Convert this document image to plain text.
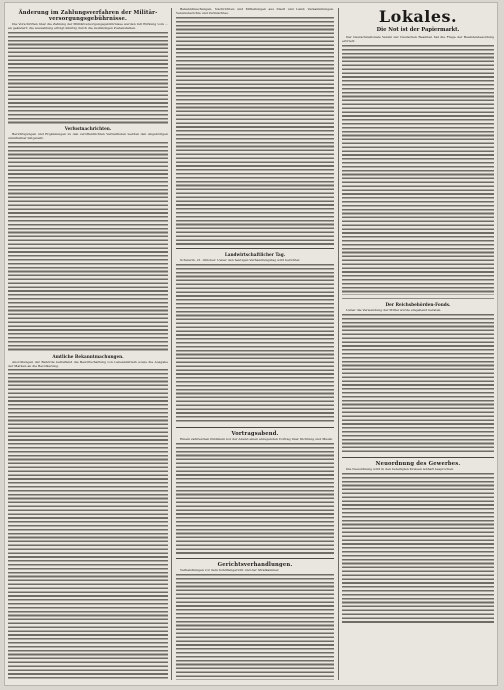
Änderung im Zahlungsverfahren der Militär-versorgungsgebührnisse.

Die Vorschriften über die Zahlung der Militärversorgungsgebührnisse werden mit Wirkung vom ... an geändert; die Auszahlung erfolgt künftig durch die zuständigen Postanstalten.

Verlustnachrichten.

Berichtigungen und Ergänzungen zu den veröffentlichten Verlustlisten werden den Angehörigen unmittelbar mitgeteilt.

Amtliche Bekanntmachungen.

Anordnungen der Behörde betreffend die Bewirtschaftung von Lebensmitteln sowie die Ausgabe der Marken an die Bevölkerung.

Bekanntmachungen, Nachrichten und Mitteilungen aus Stadt und Land; Versammlungen, Vereinsberichte und Vermischtes.

Landwirtschaftlicher Tag.

Schwerin, 21. Oktober. Ueber den heutigen Verhandlungstag wird berichtet.

Vortragsabend.

Einem zahlreichen Publikum bot der Abend einen anregenden Vortrag über Dichtung und Musik.

Gerichtsverhandlungen.

Verhandlungen vor dem Schöffengericht und der Strafkammer.

Lokales.
Die Not ist der Papiermarkt.

Der Deutschnationale Verein der Deutschen Beamten hat die Frage der Beamtenbesoldung erörtert.

Der Reichsbehörden-Fonds.

Ueber die Verwendung der Mittel wurde eingehend beraten.

Neuordnung des Gewerbes.

Die Neuordnung wird in den beteiligten Kreisen lebhaft besprochen.
